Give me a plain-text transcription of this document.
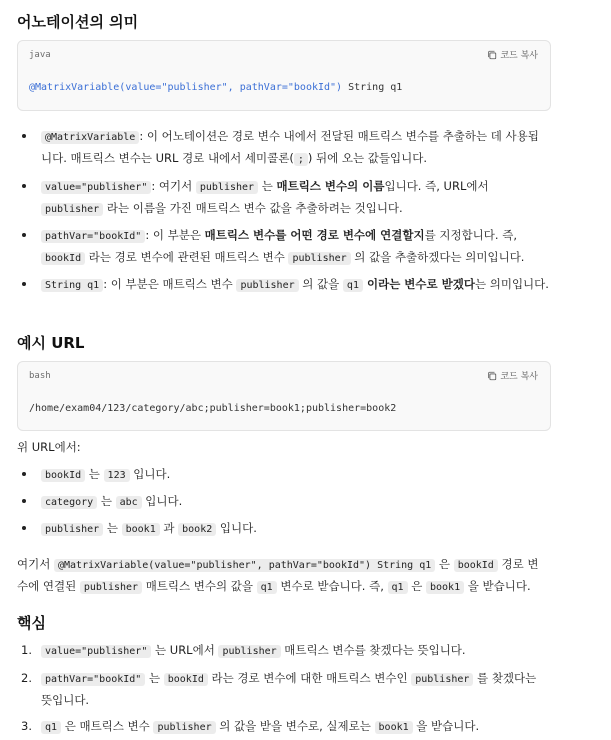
어노테이션의 의미
java	코드 복사
@MatrixVariable(value="publisher", pathVar="bookId") String q1
@MatrixVariable : 이 어노테이션은 경로 변수 내에서 전달된 매트릭스 변수를 추출하는 데 사용됩니다. 매트릭스 변수는 URL 경로 내에서 세미콜론( ; ) 뒤에 오는 값들입니다.
value="publisher" : 여기서 publisher 는 매트릭스 변수의 이름입니다. 즉, URL에서 publisher 라는 이름을 가진 매트릭스 변수 값을 추출하려는 것입니다.
pathVar="bookId" : 이 부분은 매트릭스 변수를 어떤 경로 변수에 연결할지를 지정합니다. 즉, bookId 라는 경로 변수에 관련된 매트릭스 변수 publisher 의 값을 추출하겠다는 의미입니다.
String q1 : 이 부분은 매트릭스 변수 publisher 의 값을 q1 이라는 변수로 받겠다는 의미입니다.
예시 URL
bash	코드 복사
/home/exam04/123/category/abc;publisher=book1;publisher=book2

위 URL에서:

bookId 는 123 입니다.
category 는 abc 입니다.
publisher 는 book1 과 book2 입니다.

여기서 @MatrixVariable(value="publisher", pathVar="bookId") String q1 은 bookId 경로 변수에 연결된 publisher 매트릭스 변수의 값을 q1 변수로 받습니다. 즉, q1 은 book1 을 받습니다.

핵심
1.	value="publisher" 는 URL에서 publisher 매트릭스 변수를 찾겠다는 뜻입니다.
2.	pathVar="bookId" 는 bookId 라는 경로 변수에 대한 매트릭스 변수인 publisher 를 찾겠다는 뜻입니다.
3.	q1 은 매트릭스 변수 publisher 의 값을 받을 변수로, 실제로는 book1 을 받습니다.
